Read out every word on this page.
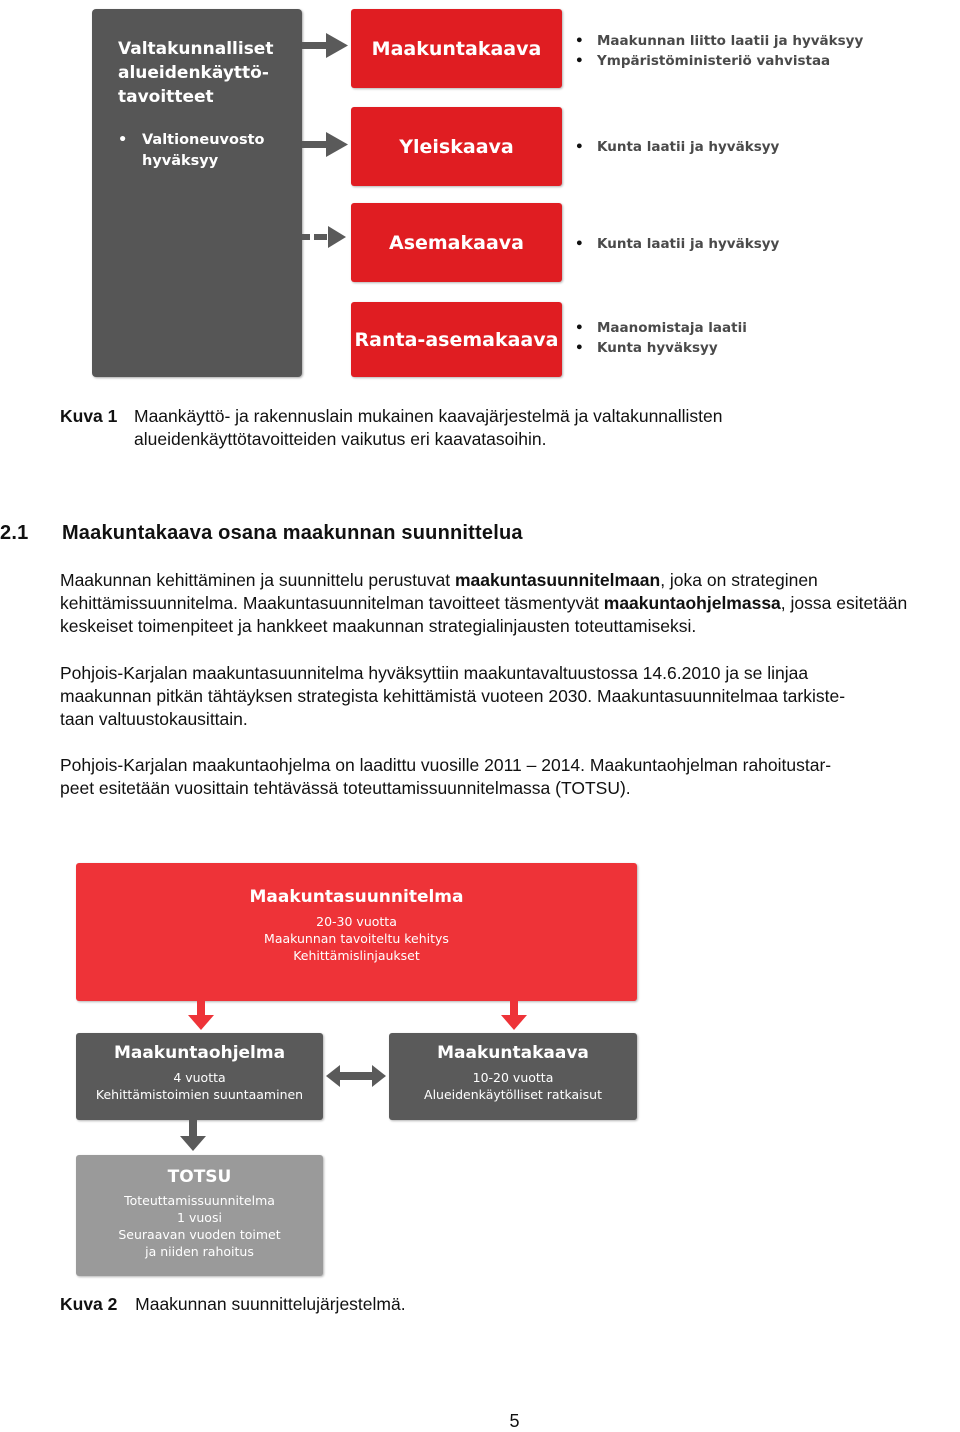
Valtakunnalliset
alueidenkäyttö-
tavoitteet
• Valtioneuvosto
hyväksyy
Maakuntakaava
Yleiskaava
Asemakaava
Ranta-asemakaava
• Maakunnan liitto laatii ja hyväksyy
• Ympäristöministeriö vahvistaa
• Kunta laatii ja hyväksyy
• Kunta laatii ja hyväksyy
• Maanomistaja laatii
• Kunta hyväksyy
Kuva 1 Maankäyttö- ja rakennuslain mukainen kaavajärjestelmä ja valtakunnallisten
alueidenkäyttötavoitteiden vaikutus eri kaavatasoihin.
2.1 Maakuntakaava osana maakunnan suunnittelua
Maakunnan kehittäminen ja suunnittelu perustuvat maakuntasuunnitelmaan, joka on strateginen kehittämissuunnitelma. Maakuntasuunnitelman tavoitteet täsmentyvät maakuntaohjelmassa, jossa esitetään keskeiset toimenpiteet ja hankkeet maakunnan strategialinjausten toteuttamiseksi.
Pohjois-Karjalan maakuntasuunnitelma hyväksyttiin maakuntavaltuustossa 14.6.2010 ja se linjaa
maakunnan pitkän tähtäyksen strategista kehittämistä vuoteen 2030. Maakuntasuunnitelmaa tarkiste-
taan valtuustokausittain.
Pohjois-Karjalan maakuntaohjelma on laadittu vuosille 2011 – 2014. Maakuntaohjelman rahoitustar-
peet esitetään vuosittain tehtävässä toteuttamissuunnitelmassa (TOTSU).
Maakuntasuunnitelma
20-30 vuotta
Maakunnan tavoiteltu kehitys
Kehittämislinjaukset
Maakuntaohjelma
4 vuotta
Kehittämistoimien suuntaaminen
Maakuntakaava
10-20 vuotta
Alueidenkäytölliset ratkaisut
TOTSU
Toteuttamissuunnitelma
1 vuosi
Seuraavan vuoden toimet
ja niiden rahoitus
Kuva 2 Maakunnan suunnittelujärjestelmä.
5
